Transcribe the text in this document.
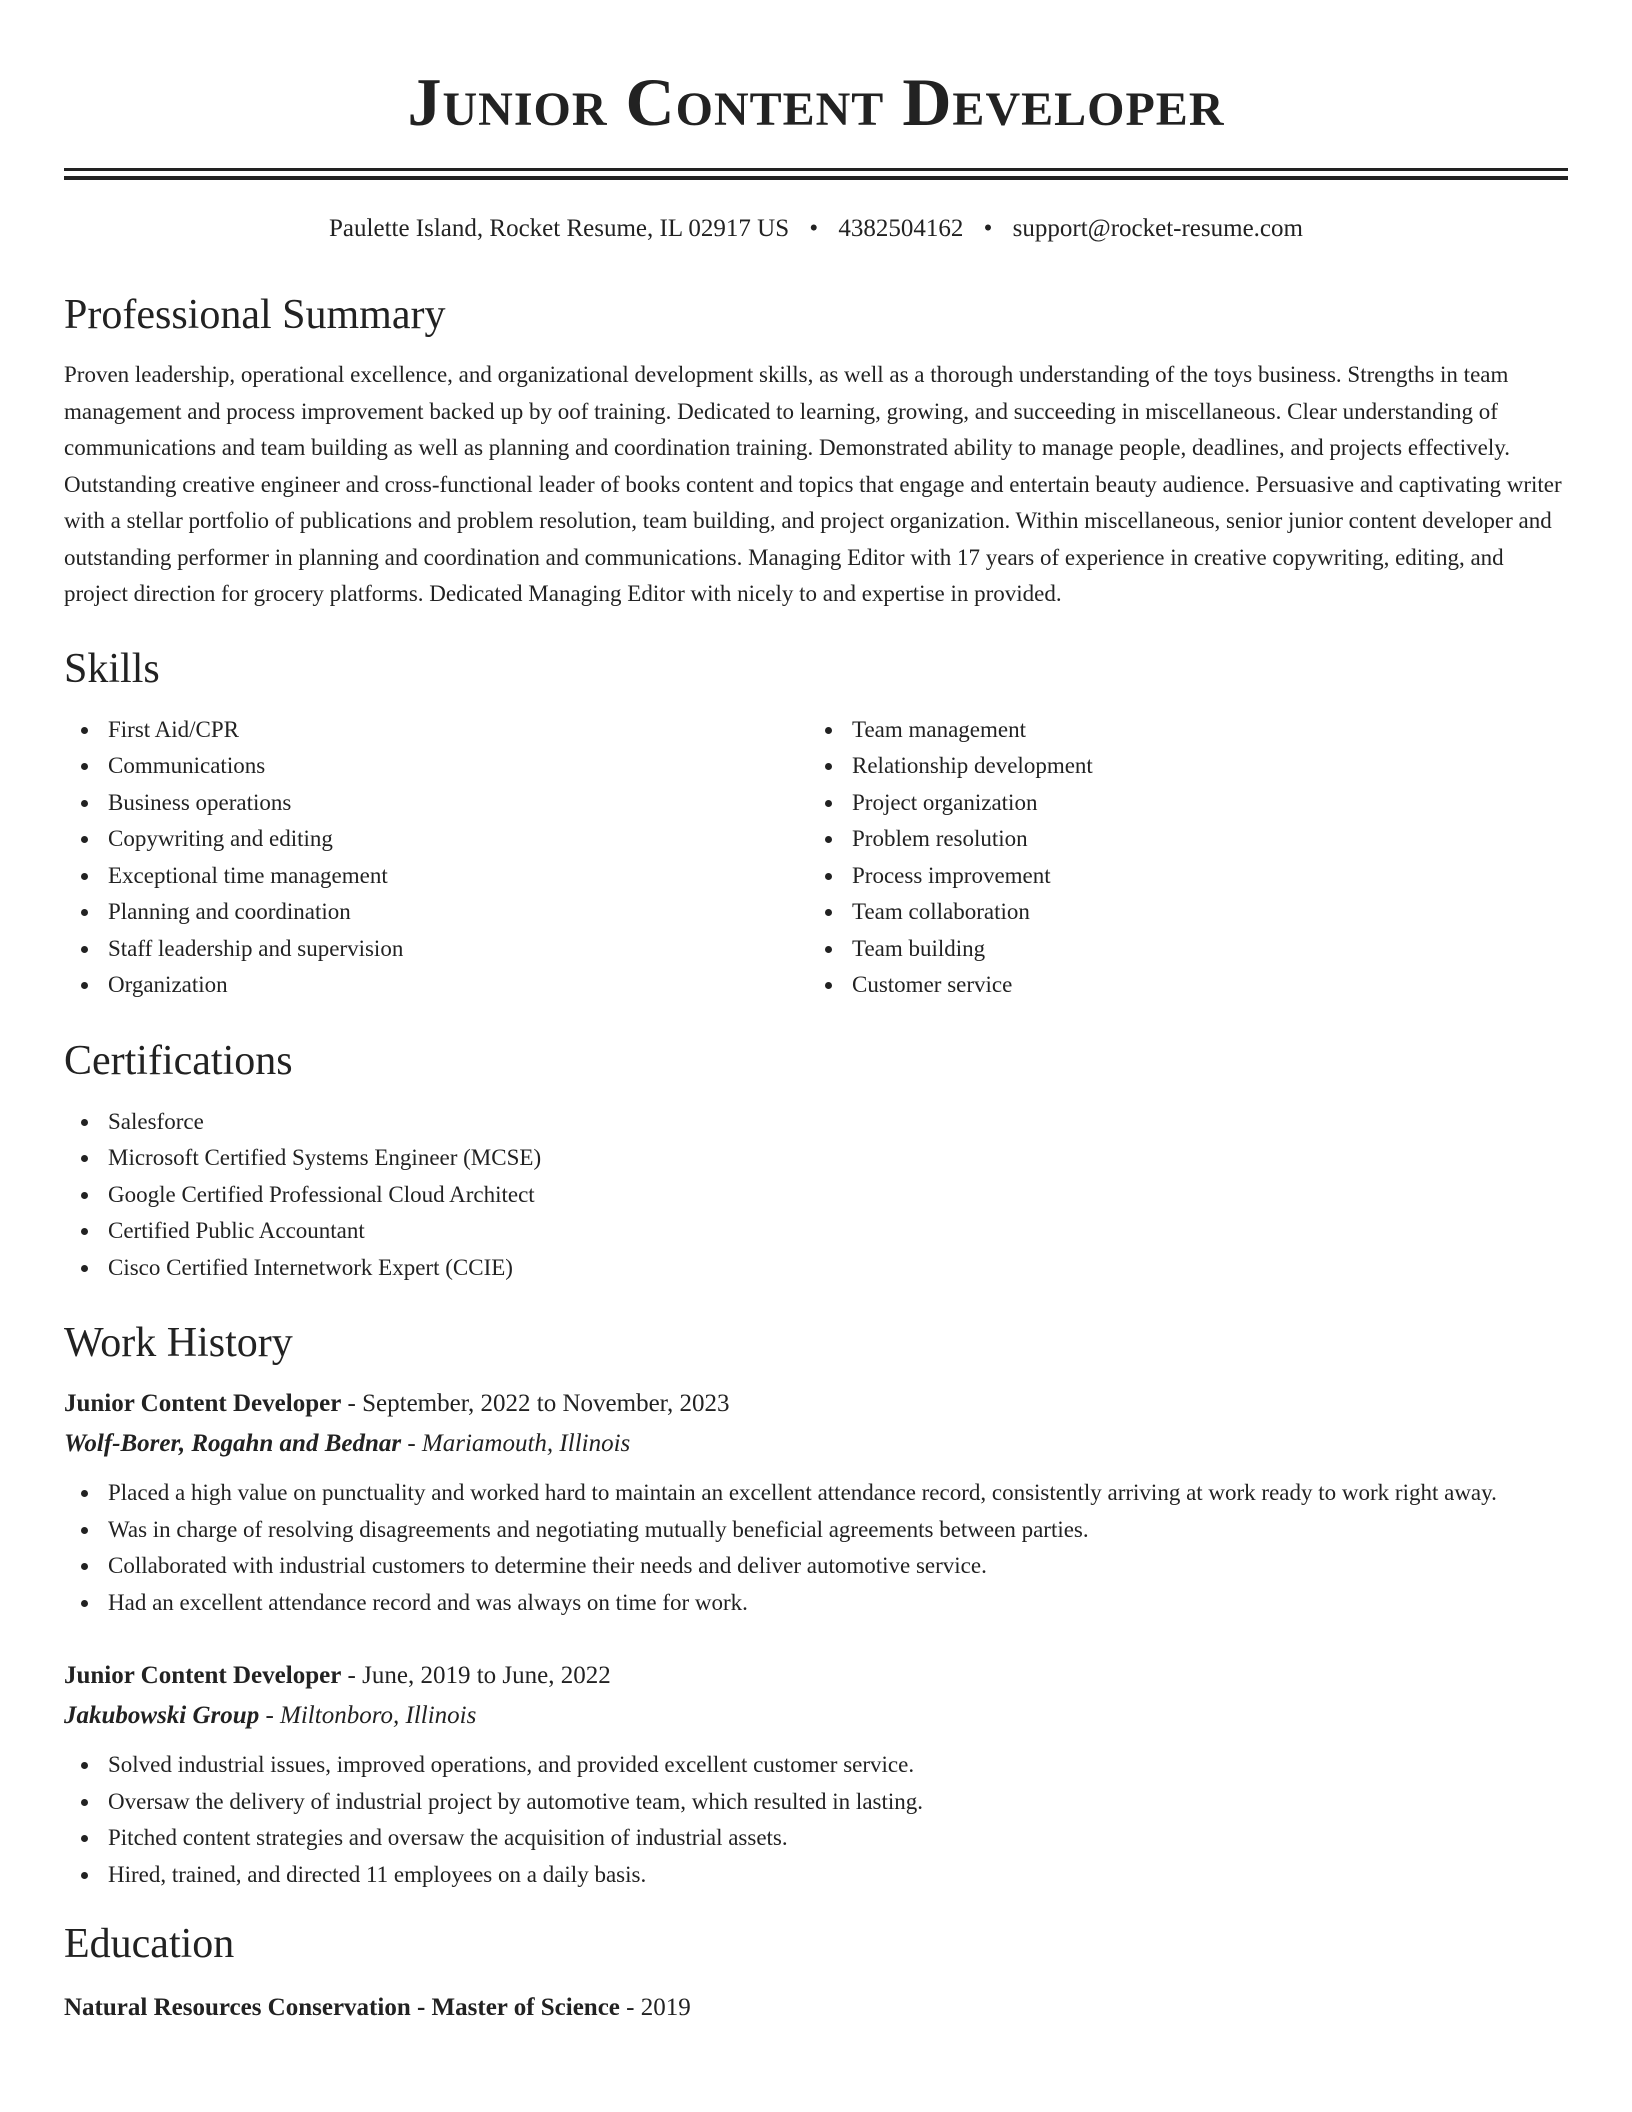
Junior Content Developer
Paulette Island, Rocket Resume, IL 02917 US • 4382504162 • support@rocket-resume.com
Professional Summary

Proven leadership, operational excellence, and organizational development skills, as well as a thorough understanding of the toys business. Strengths in team management and process improvement backed up by oof training. Dedicated to learning, growing, and succeeding in miscellaneous. Clear understanding of communications and team building as well as planning and coordination training. Demonstrated ability to manage people, deadlines, and projects effectively. Outstanding creative engineer and cross-functional leader of books content and topics that engage and entertain beauty audience. Persuasive and captivating writer with a stellar portfolio of publications and problem resolution, team building, and project organization. Within miscellaneous, senior junior content developer and outstanding performer in planning and coordination and communications. Managing Editor with 17 years of experience in creative copywriting, editing, and project direction for grocery platforms. Dedicated Managing Editor with nicely to and expertise in provided.

Skills
First Aid/CPR
Communications
Business operations
Copywriting and editing
Exceptional time management
Planning and coordination
Staff leadership and supervision
Organization
Team management
Relationship development
Project organization
Problem resolution
Process improvement
Team collaboration
Team building
Customer service
Certifications
Salesforce
Microsoft Certified Systems Engineer (MCSE)
Google Certified Professional Cloud Architect
Certified Public Accountant
Cisco Certified Internetwork Expert (CCIE)
Work History
Junior Content Developer - September, 2022 to November, 2023
Wolf-Borer, Rogahn and Bednar - Mariamouth, Illinois
Placed a high value on punctuality and worked hard to maintain an excellent attendance record, consistently arriving at work ready to work right away.
Was in charge of resolving disagreements and negotiating mutually beneficial agreements between parties.
Collaborated with industrial customers to determine their needs and deliver automotive service.
Had an excellent attendance record and was always on time for work.
Junior Content Developer - June, 2019 to June, 2022
Jakubowski Group - Miltonboro, Illinois
Solved industrial issues, improved operations, and provided excellent customer service.
Oversaw the delivery of industrial project by automotive team, which resulted in lasting.
Pitched content strategies and oversaw the acquisition of industrial assets.
Hired, trained, and directed 11 employees on a daily basis.
Education
Natural Resources Conservation - Master of Science - 2019
